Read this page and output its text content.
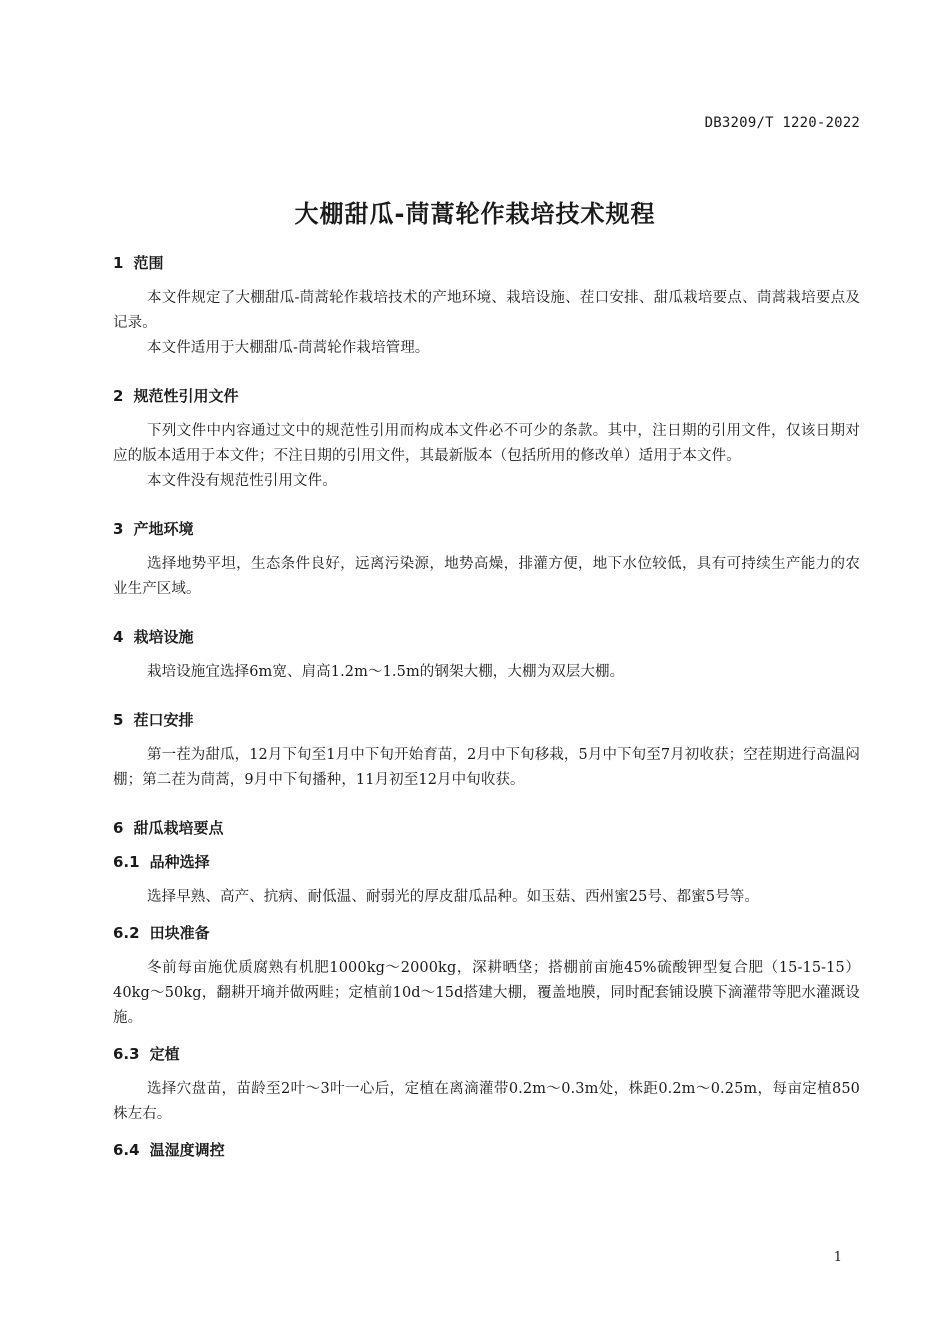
DB3209/T 1220-2022
大棚甜瓜-茼蒿轮作栽培技术规程
1 范围

本文件规定了大棚甜瓜-茼蒿轮作栽培技术的产地环境、栽培设施、茬口安排、甜瓜栽培要点、茼蒿栽培要点及记录。

本文件适用于大棚甜瓜-茼蒿轮作栽培管理。

2 规范性引用文件

下列文件中内容通过文中的规范性引用而构成本文件必不可少的条款。其中，注日期的引用文件，仅该日期对应的版本适用于本文件；不注日期的引用文件，其最新版本（包括所用的修改单）适用于本文件。

本文件没有规范性引用文件。

3 产地环境

选择地势平坦，生态条件良好，远离污染源，地势高燥，排灌方便，地下水位较低，具有可持续生产能力的农业生产区域。

4 栽培设施

栽培设施宜选择6m宽、肩高1.2m～1.5m的钢架大棚，大棚为双层大棚。

5 茬口安排

第一茬为甜瓜，12月下旬至1月中下旬开始育苗，2月中下旬移栽，5月中下旬至7月初收获；空茬期进行高温闷棚；第二茬为茼蒿，9月中下旬播种，11月初至12月中旬收获。

6 甜瓜栽培要点
6.1 品种选择

选择早熟、高产、抗病、耐低温、耐弱光的厚皮甜瓜品种。如玉菇、西州蜜25号、都蜜5号等。

6.2 田块准备

冬前每亩施优质腐熟有机肥1000kg～2000kg，深耕晒垡；搭棚前亩施45%硫酸钾型复合肥（15-15-15）40kg～50kg，翻耕开墒并做两畦；定植前10d～15d搭建大棚，覆盖地膜，同时配套铺设膜下滴灌带等肥水灌溉设施。

6.3 定植

选择穴盘苗，苗龄至2叶～3叶一心后，定植在离滴灌带0.2m～0.3m处，株距0.2m～0.25m，每亩定植850株左右。

6.4 温湿度调控
1
